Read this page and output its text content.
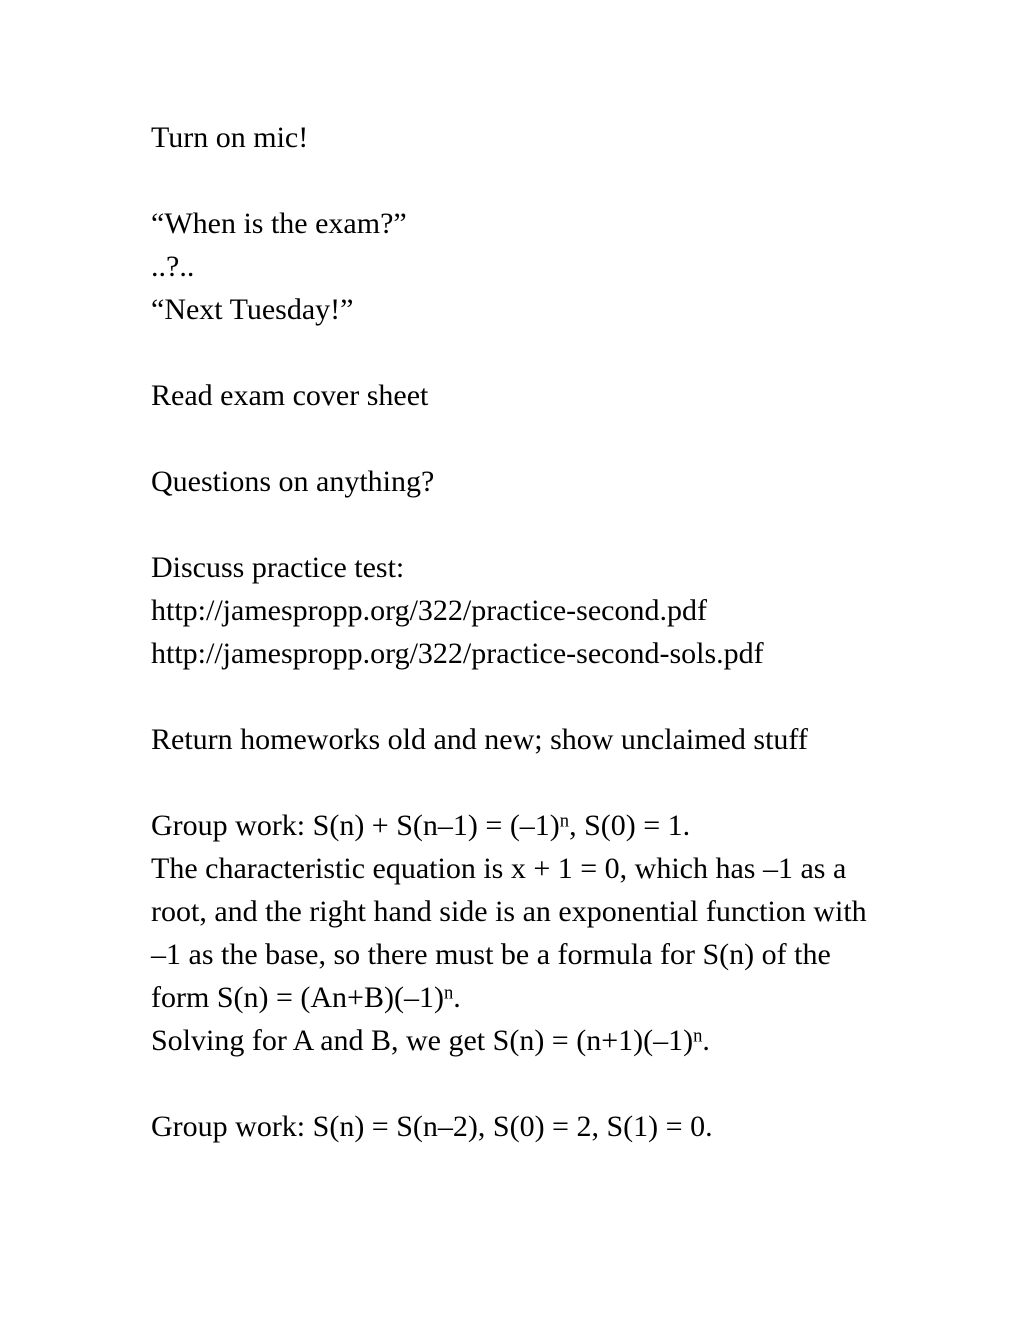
Turn on mic!
“When is the exam?”
..?..
“Next Tuesday!”
Read exam cover sheet
Questions on anything?
Discuss practice test:
http://jamespropp.org/322/practice-second.pdf
http://jamespropp.org/322/practice-second-sols.pdf
Return homeworks old and new; show unclaimed stuff
Group work: $S(n) + S(n-1) = (-1)^n$, S(0) = 1.
The characteristic equation is x + 1 = 0, which has –1 as a
root, and the right hand side is an exponential function with
–1 as the base, so there must be a formula for S(n) of the
form $S(n) = (An+B)(-1)^n$.
Solving for A and B, we get $S(n) = (n+1)(-1)^n$.
Group work: S(n) = S(n–2), S(0) = 2, S(1) = 0.
